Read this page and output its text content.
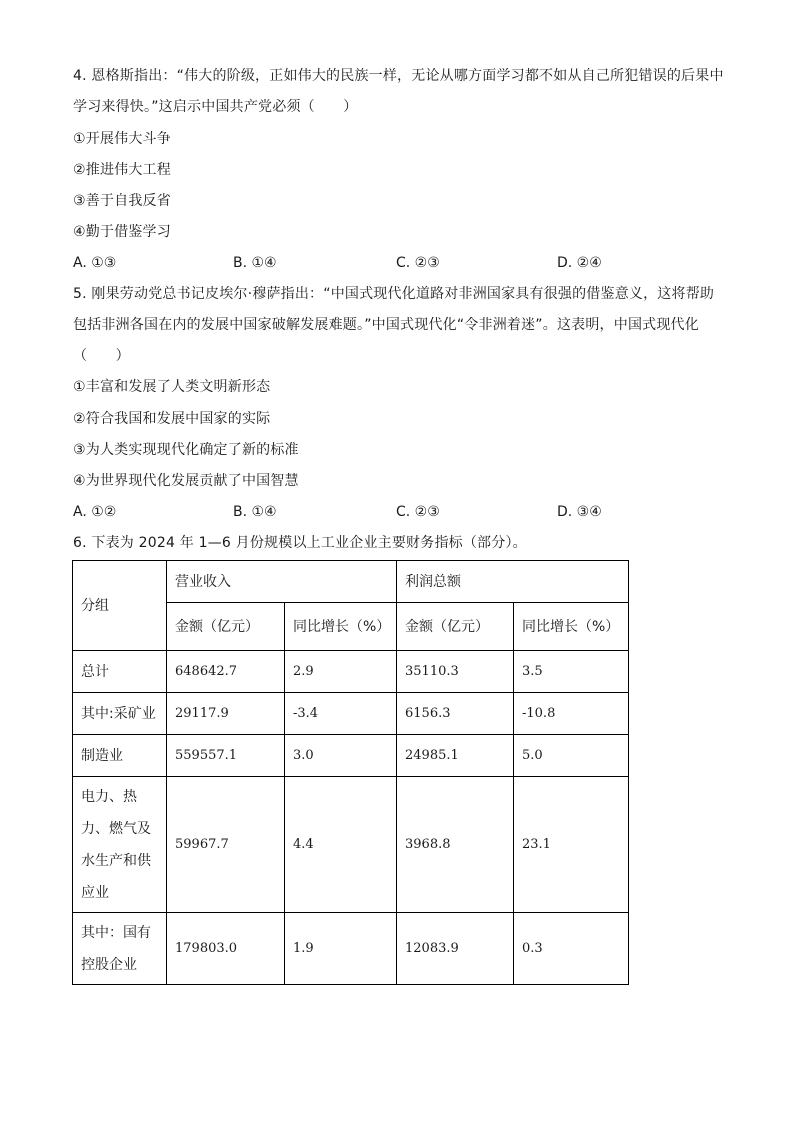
4. 恩格斯指出：“伟大的阶级，正如伟大的民族一样，无论从哪方面学习都不如从自己所犯错误的后果中
学习来得快。”这启示中国共产党必须（　　）
①开展伟大斗争
②推进伟大工程
③善于自我反省
④勤于借鉴学习
A. ①③	B. ①④	C. ②③	D. ②④
5. 刚果劳动党总书记皮埃尔·穆萨指出：“中国式现代化道路对非洲国家具有很强的借鉴意义，这将帮助
包括非洲各国在内的发展中国家破解发展难题。”中国式现代化“令非洲着迷”。这表明，中国式现代化
（　　）
①丰富和发展了人类文明新形态
②符合我国和发展中国家的实际
③为人类实现现代化确定了新的标准
④为世界现代化发展贡献了中国智慧
A. ①②	B. ①④	C. ②③	D. ③④
6. 下表为 2024 年 1—6 月份规模以上工业企业主要财务指标（部分）。
分组	营业收入		利润总额	
	金额（亿元）	同比增长（%）	金额（亿元）	同比增长（%）
总计	648642.7	2.9	35110.3	3.5
其中:采矿业	29117.9	-3.4	6156.3	-10.8
制造业	559557.1	3.0	24985.1	5.0
电力、热
力、燃气及
水生产和供
应业	59967.7	4.4	3968.8	23.1
其中：国有
控股企业	179803.0	1.9	12083.9	0.3
